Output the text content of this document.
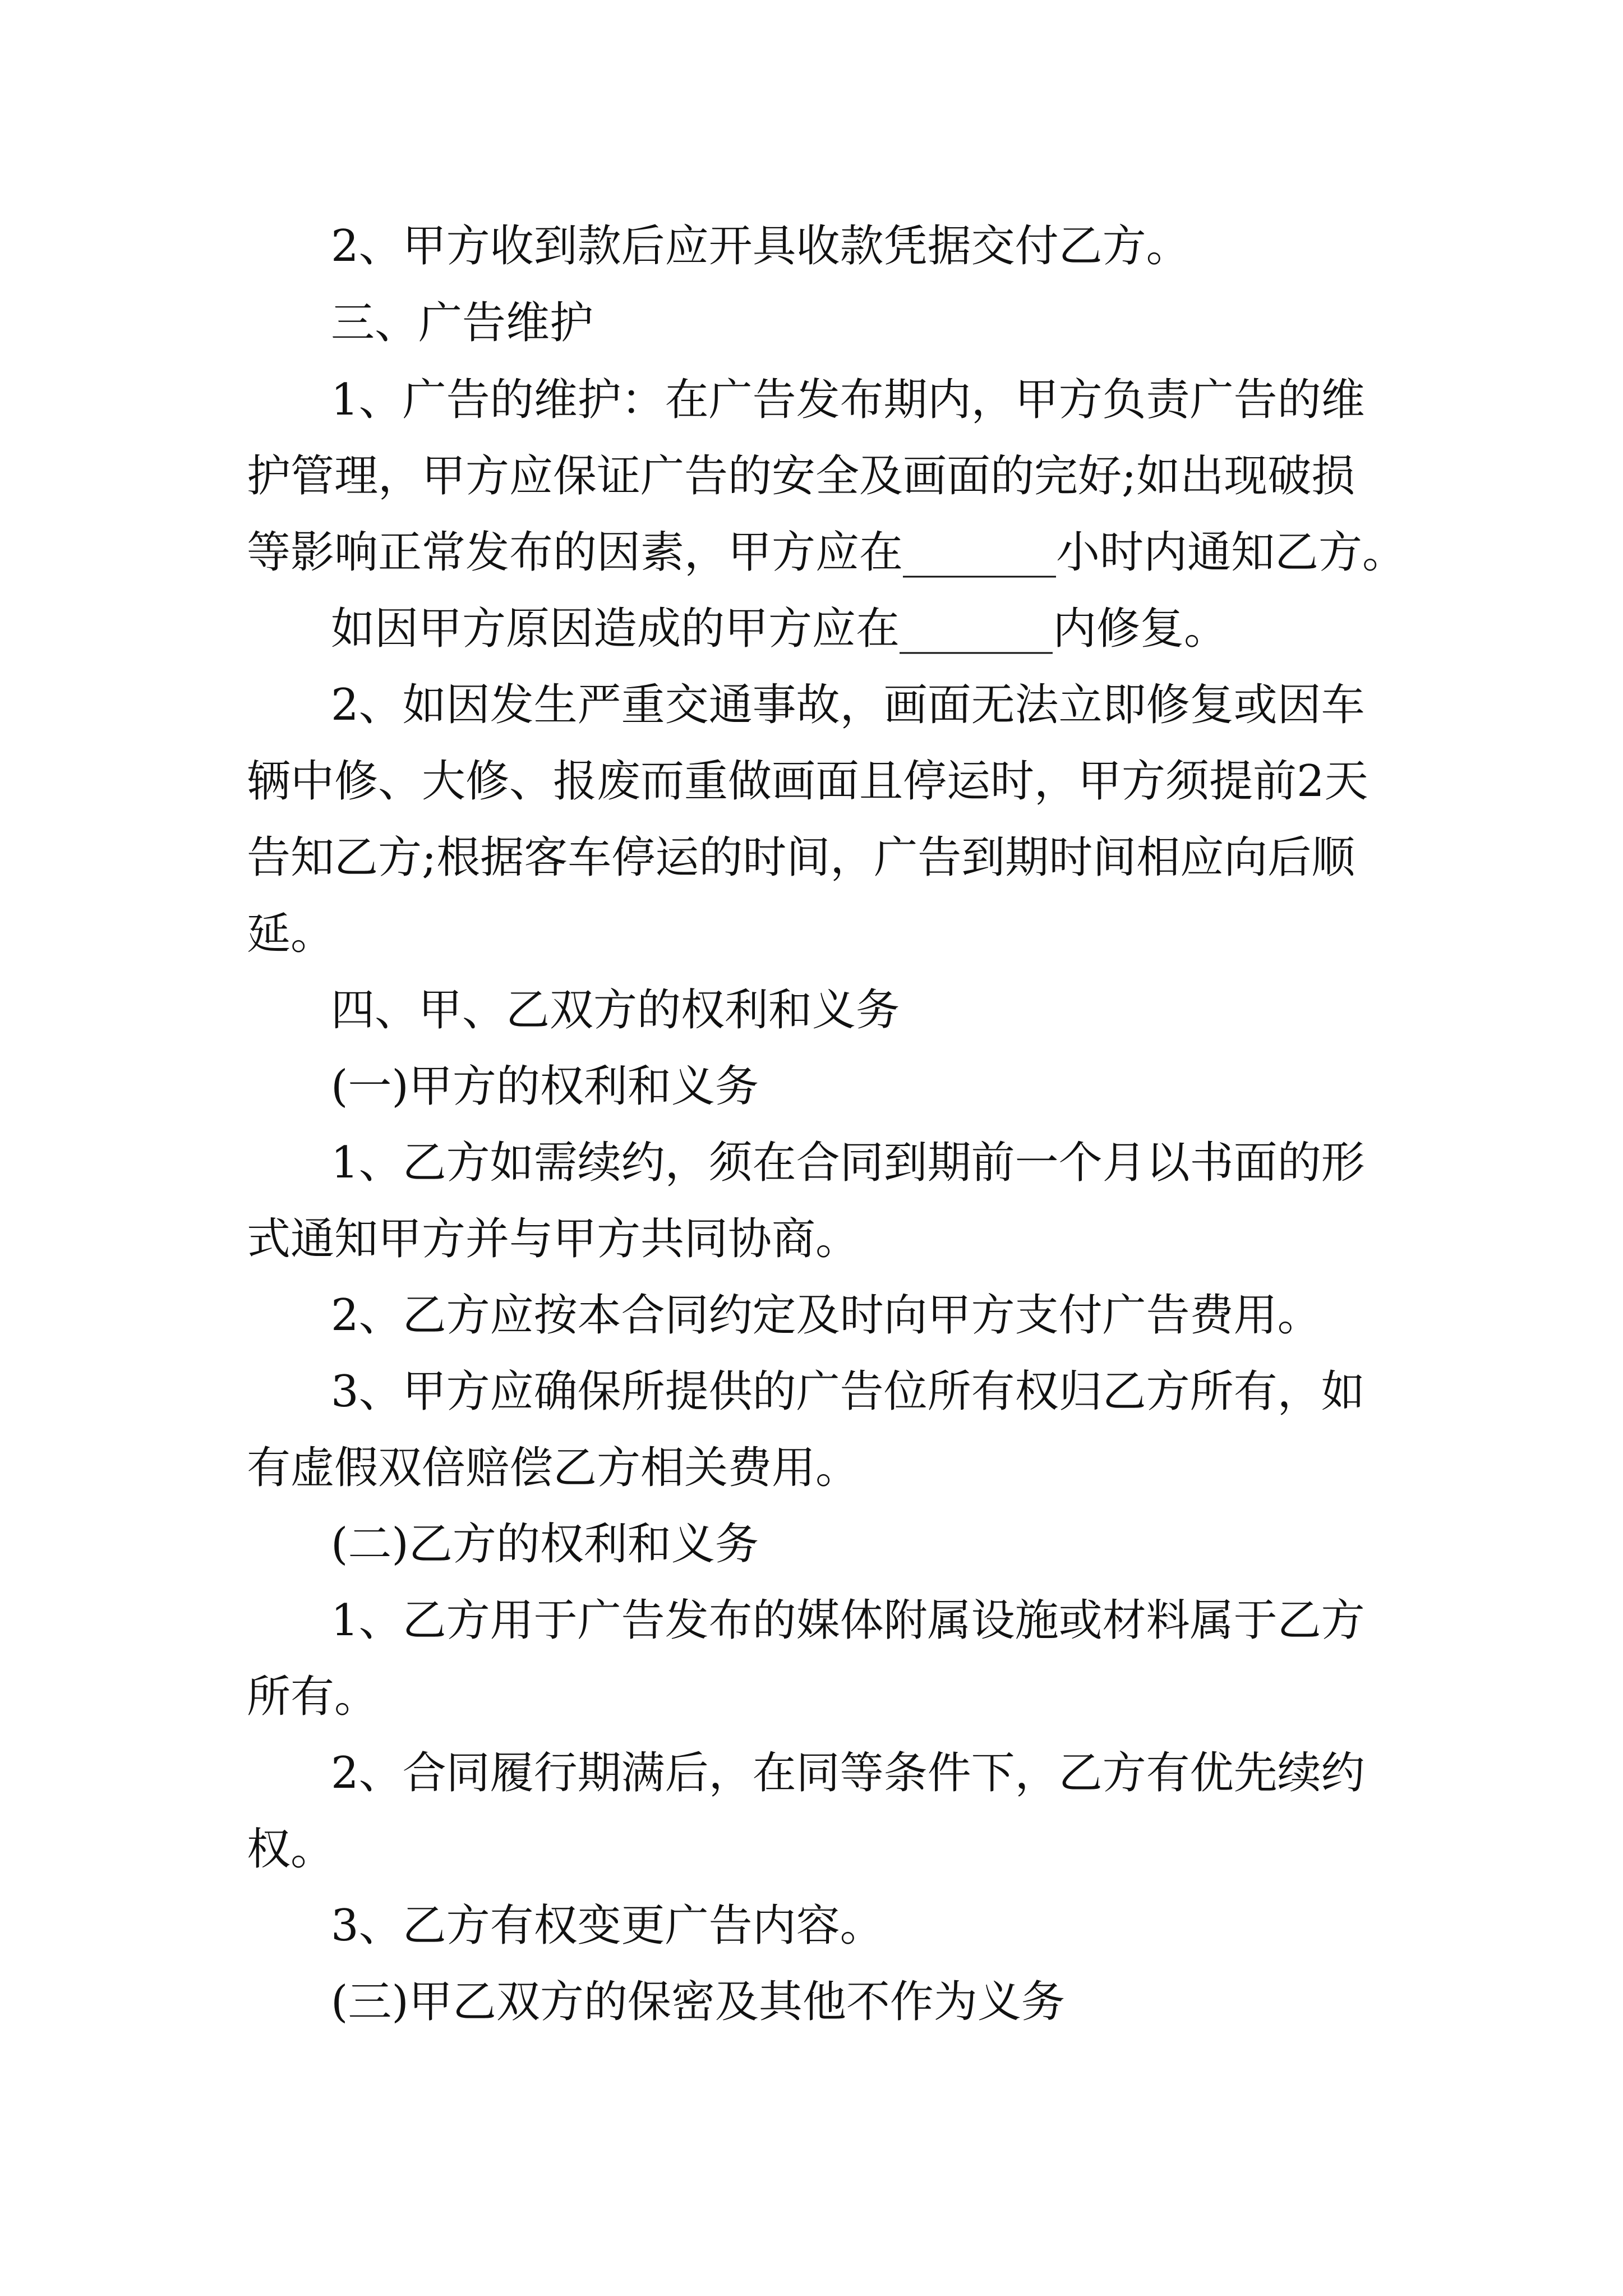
2、甲方收到款后应开具收款凭据交付乙方。
三、广告维护
1、广告的维护：在广告发布期内，甲方负责广告的维
护管理，甲方应保证广告的安全及画面的完好;如出现破损
等影响正常发布的因素，甲方应在_______小时内通知乙方。
如因甲方原因造成的甲方应在_______内修复。
2、如因发生严重交通事故，画面无法立即修复或因车
辆中修、大修、报废而重做画面且停运时，甲方须提前2天
告知乙方;根据客车停运的时间，广告到期时间相应向后顺
延。
四、甲、乙双方的权利和义务
(一)甲方的权利和义务
1、乙方如需续约，须在合同到期前一个月以书面的形
式通知甲方并与甲方共同协商。
2、乙方应按本合同约定及时向甲方支付广告费用。
3、甲方应确保所提供的广告位所有权归乙方所有，如
有虚假双倍赔偿乙方相关费用。
(二)乙方的权利和义务
1、乙方用于广告发布的媒体附属设施或材料属于乙方
所有。
2、合同履行期满后，在同等条件下，乙方有优先续约
权。
3、乙方有权变更广告内容。
(三)甲乙双方的保密及其他不作为义务
